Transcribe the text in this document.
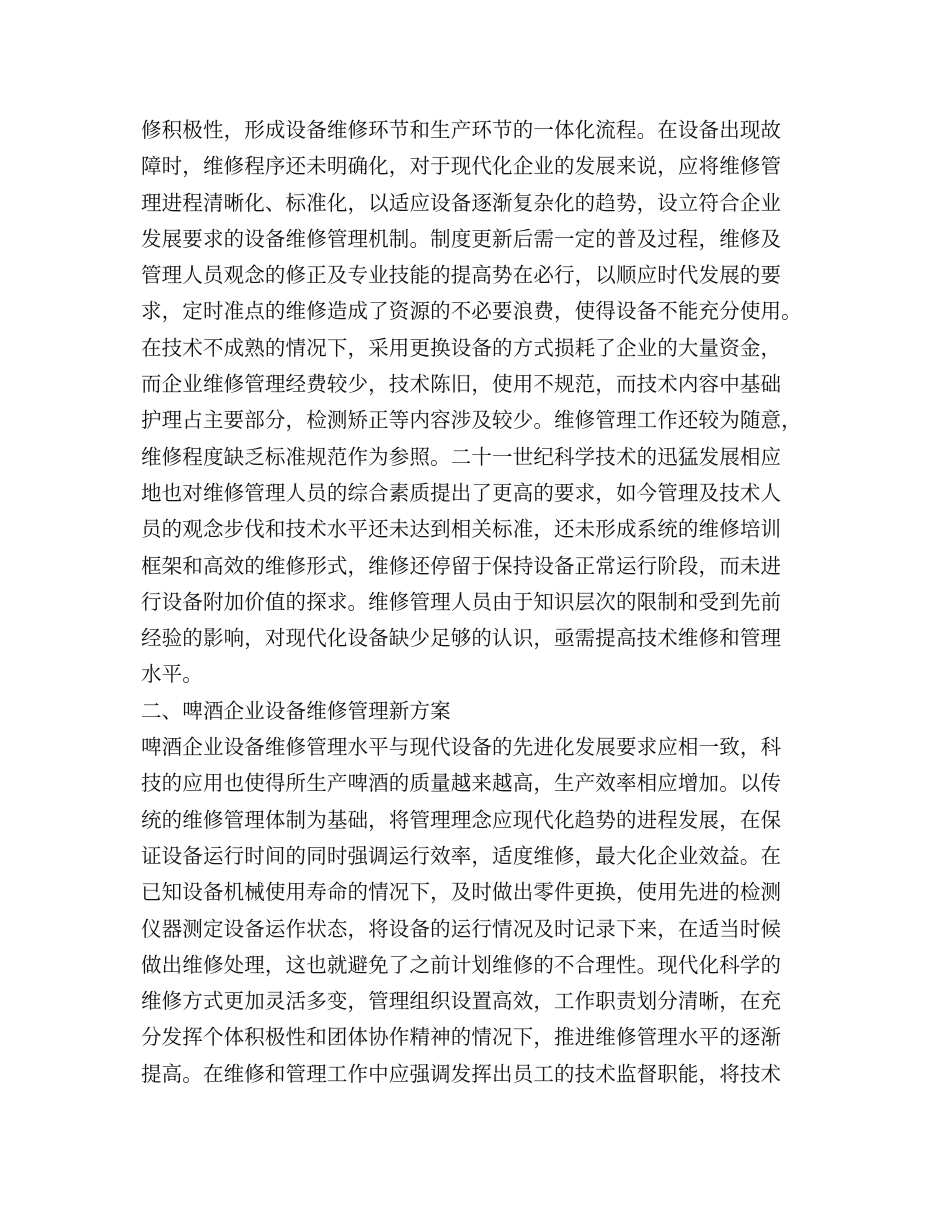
修积极性，形成设备维修环节和生产环节的一体化流程。在设备出现故
障时，维修程序还未明确化，对于现代化企业的发展来说，应将维修管
理进程清晰化、标准化，以适应设备逐渐复杂化的趋势，设立符合企业
发展要求的设备维修管理机制。制度更新后需一定的普及过程，维修及
管理人员观念的修正及专业技能的提高势在必行，以顺应时代发展的要
求，定时准点的维修造成了资源的不必要浪费，使得设备不能充分使用。
在技术不成熟的情况下，采用更换设备的方式损耗了企业的大量资金，
而企业维修管理经费较少，技术陈旧，使用不规范，而技术内容中基础
护理占主要部分，检测矫正等内容涉及较少。维修管理工作还较为随意，
维修程度缺乏标准规范作为参照。二十一世纪科学技术的迅猛发展相应
地也对维修管理人员的综合素质提出了更高的要求，如今管理及技术人
员的观念步伐和技术水平还未达到相关标准，还未形成系统的维修培训
框架和高效的维修形式，维修还停留于保持设备正常运行阶段，而未进
行设备附加价值的探求。维修管理人员由于知识层次的限制和受到先前
经验的影响，对现代化设备缺少足够的认识，亟需提高技术维修和管理
水平。
二、啤酒企业设备维修管理新方案
啤酒企业设备维修管理水平与现代设备的先进化发展要求应相一致，科
技的应用也使得所生产啤酒的质量越来越高，生产效率相应增加。以传
统的维修管理体制为基础，将管理理念应现代化趋势的进程发展，在保
证设备运行时间的同时强调运行效率，适度维修，最大化企业效益。在
已知设备机械使用寿命的情况下，及时做出零件更换，使用先进的检测
仪器测定设备运作状态，将设备的运行情况及时记录下来，在适当时候
做出维修处理，这也就避免了之前计划维修的不合理性。现代化科学的
维修方式更加灵活多变，管理组织设置高效，工作职责划分清晰，在充
分发挥个体积极性和团体协作精神的情况下，推进维修管理水平的逐渐
提高。在维修和管理工作中应强调发挥出员工的技术监督职能，将技术
